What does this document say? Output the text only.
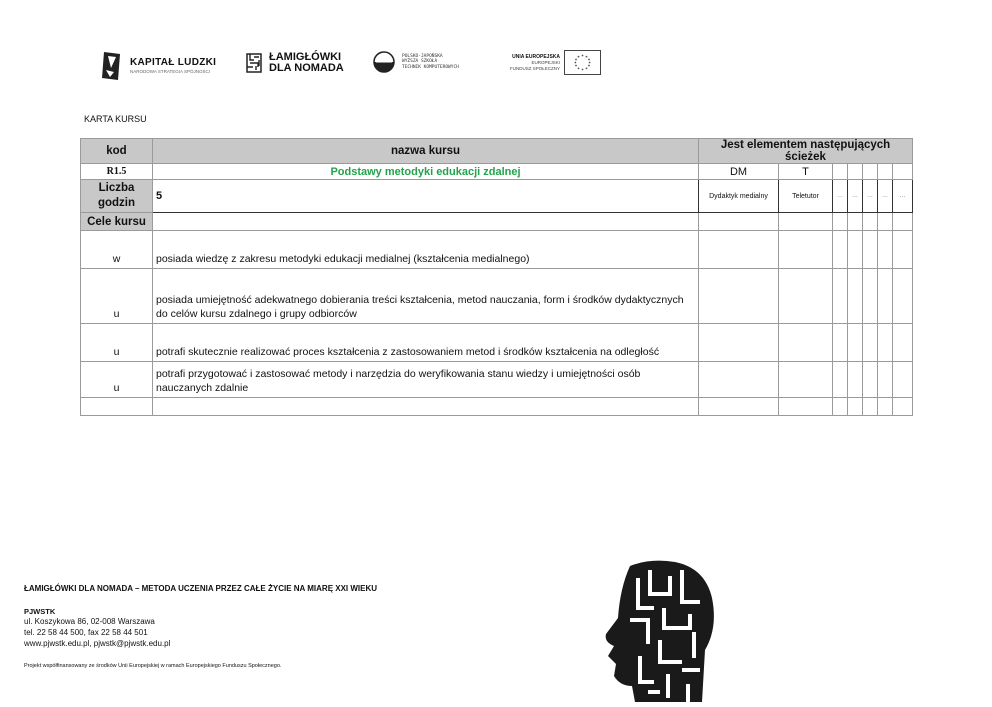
KAPITAŁ LUDZKI
NARODOWA STRATEGIA SPÓJNOŚCI
ŁAMIGŁÓWKI
DLA NOMADA
POLSKO-JAPOŃSKA
WYŻSZA SZKOŁA
TECHNIK KOMPUTEROWYCH
UNIA EUROPEJSKA
EUROPEJSKI
FUNDUSZ SPOŁECZNY
KARTA KURSU
kod	nazwa kursu	Jest elementem następujących ścieżek						
R1.5	Podstawy metodyki edukacji zdalnej	DM	T					
Liczba godzin	5	Dydaktyk medialny	Teletutor	…	…	…	…	…
Cele kursu								
w	posiada wiedzę z zakresu metodyki edukacji medialnej (kształcenia medialnego)							
u	posiada umiejętność adekwatnego dobierania treści kształcenia, metod nauczania, form i środków dydaktycznych do celów kursu zdalnego i grupy odbiorców							
u	potrafi skutecznie realizować proces kształcenia z zastosowaniem metod i środków kształcenia na odległość							
u	potrafi przygotować i zastosować metody i narzędzia do weryfikowania stanu wiedzy i umiejętności osób nauczanych zdalnie							

ŁAMIGŁÓWKI DLA NOMADA – METODA UCZENIA PRZEZ CAŁE ŻYCIE NA MIARĘ XXI WIEKU
PJWSTK
ul. Koszykowa 86, 02-008 Warszawa
tel. 22 58 44 500, fax 22 58 44 501
www.pjwstk.edu.pl, pjwstk@pjwstk.edu.pl
Projekt współfinansowany ze środków Unii Europejskiej w ramach Europejskiego Funduszu Społecznego.
